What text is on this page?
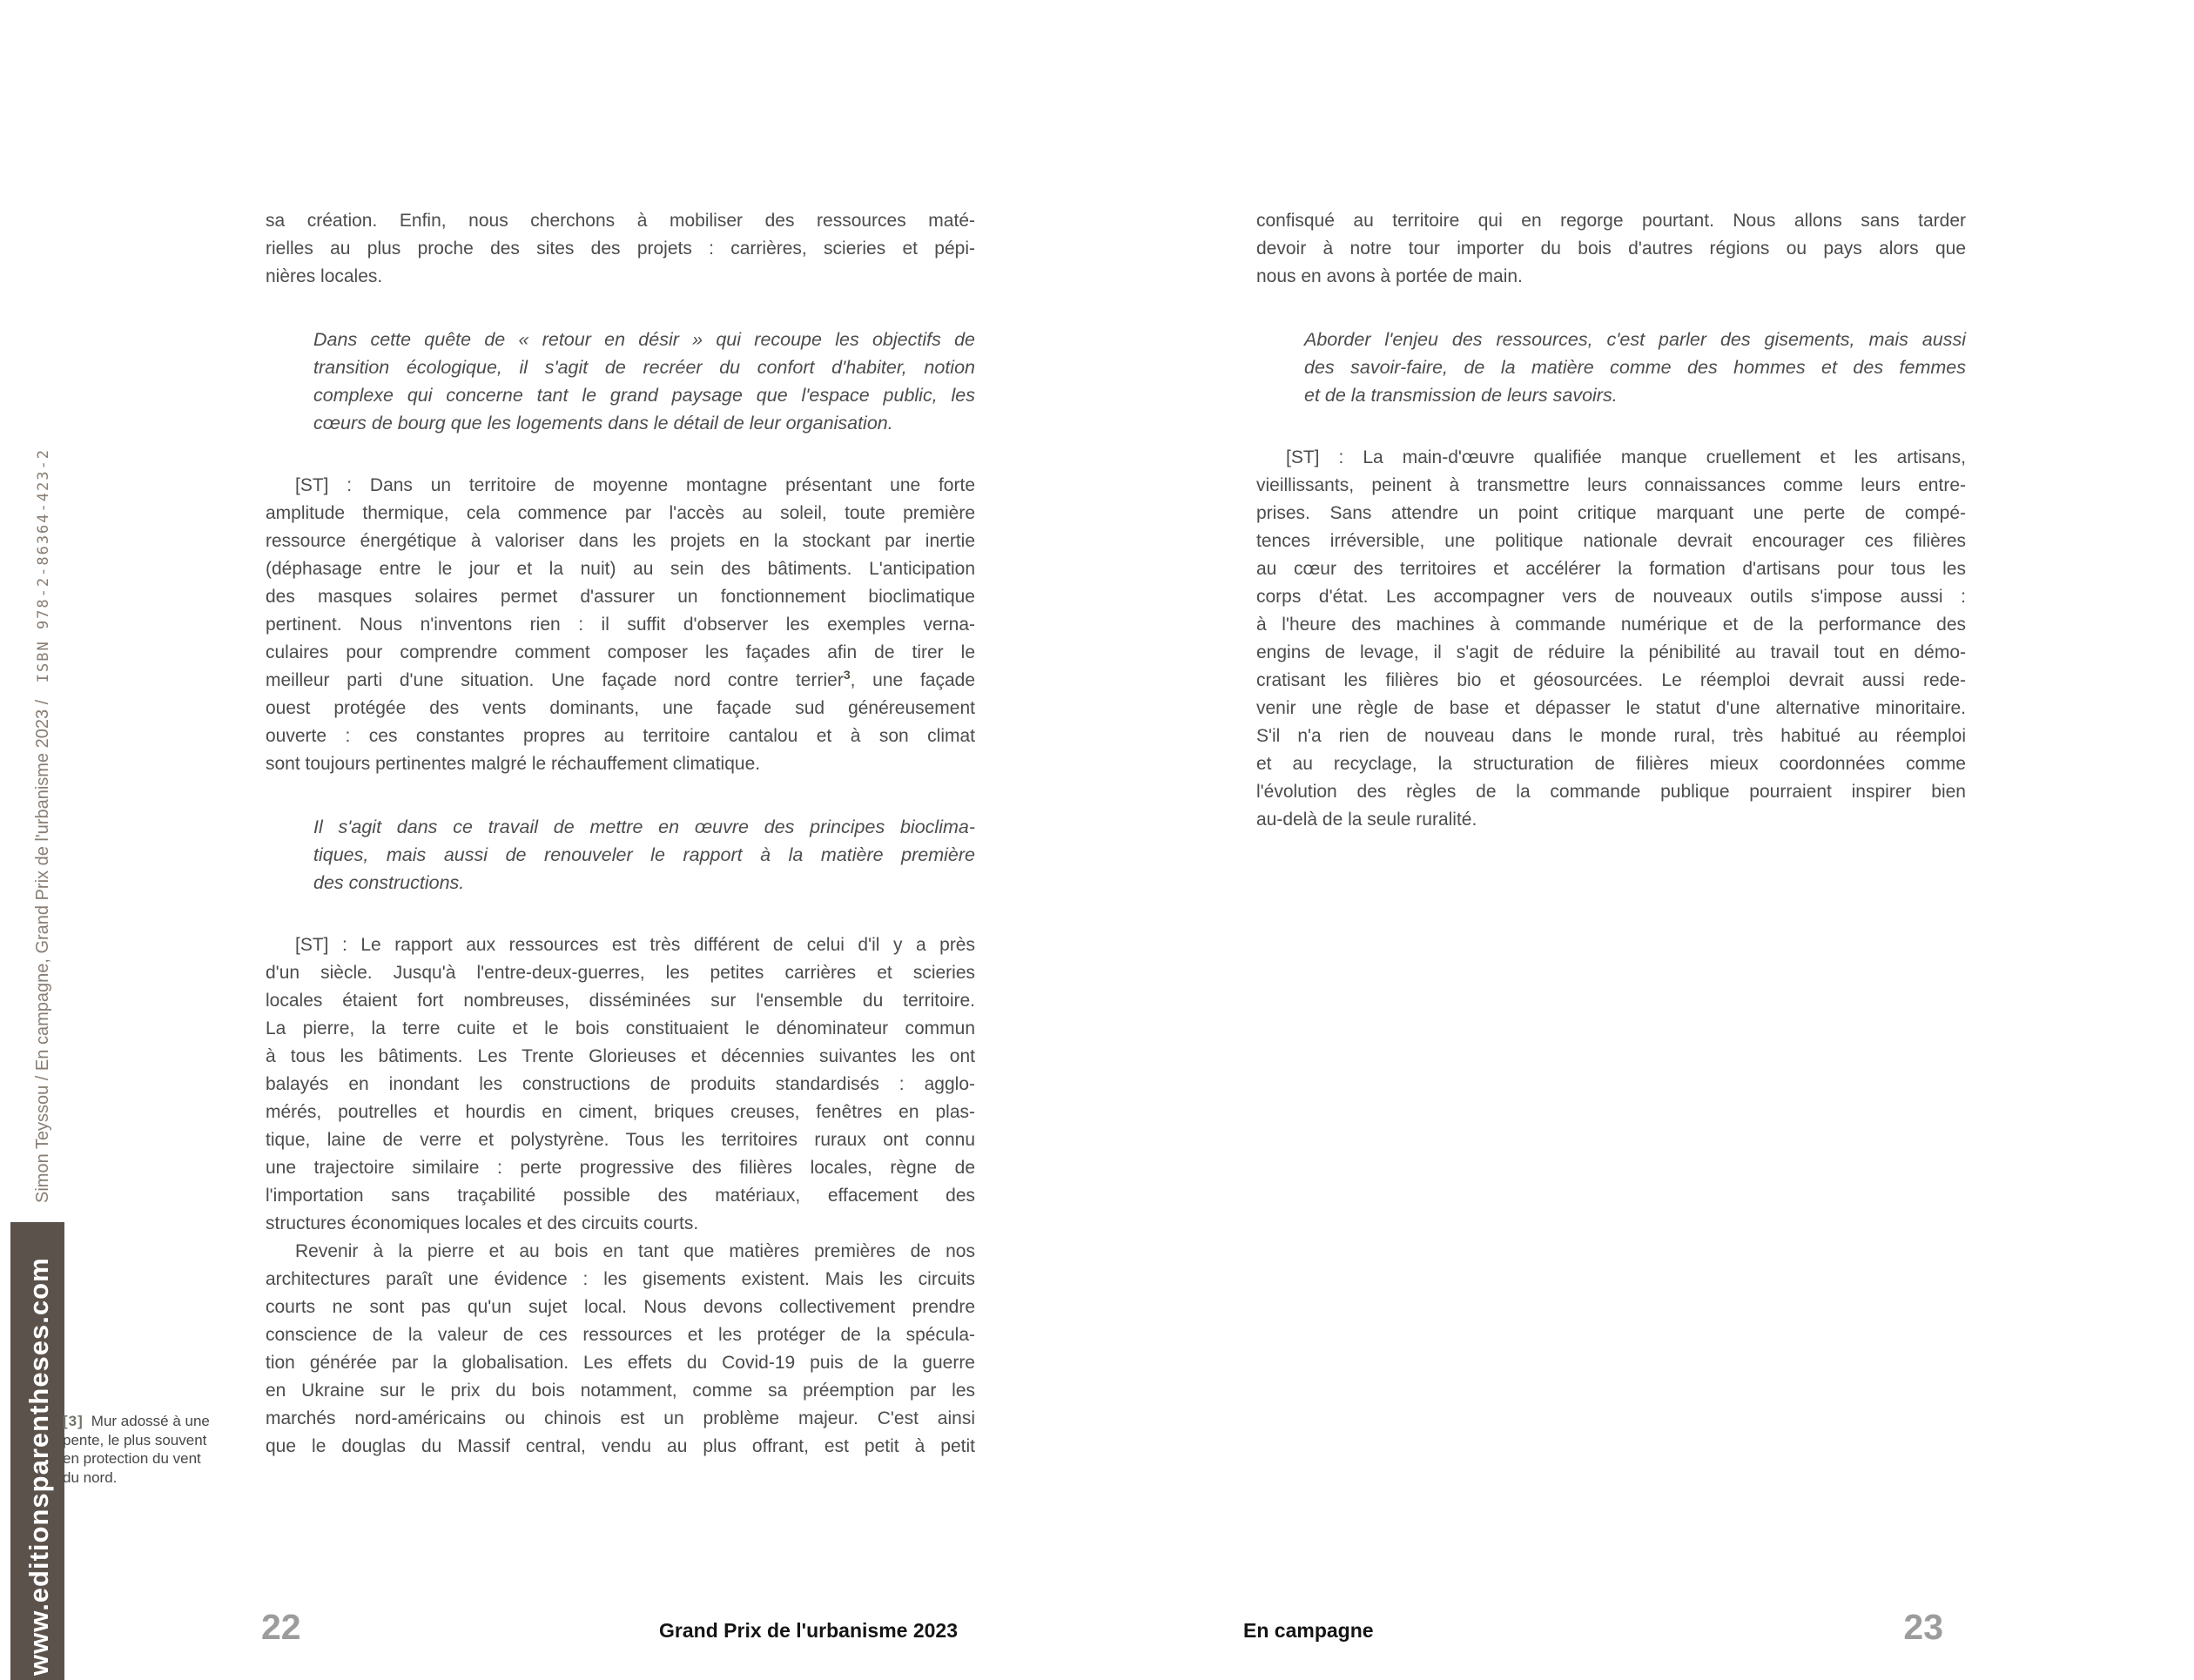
Simon Teyssou / En campagne, Grand Prix de l'urbanisme 2023 / ISBN 978-2-86364-423-2
www.editionsparentheses.com [3] Mur adossé à une
pente, le plus souvent
en protection du vent
du nord.
sa création. Enfin, nous cherchons à mobiliser des ressources maté-
rielles au plus proche des sites des projets : carrières, scieries et pépi-
nières locales.
Dans cette quête de « retour en désir » qui recoupe les objectifs de
transition écologique, il s'agit de recréer du confort d'habiter, notion
complexe qui concerne tant le grand paysage que l'espace public, les
cœurs de bourg que les logements dans le détail de leur organisation.
[ST] : Dans un territoire de moyenne montagne présentant une forte
amplitude thermique, cela commence par l'accès au soleil, toute première
ressource énergétique à valoriser dans les projets en la stockant par inertie
(déphasage entre le jour et la nuit) au sein des bâtiments. L'anticipation
des masques solaires permet d'assurer un fonctionnement bioclimatique
pertinent. Nous n'inventons rien : il suffit d'observer les exemples verna-
culaires pour comprendre comment composer les façades afin de tirer le
meilleur parti d'une situation. Une façade nord contre terrier$^3$, une façade
ouest protégée des vents dominants, une façade sud généreusement
ouverte : ces constantes propres au territoire cantalou et à son climat
sont toujours pertinentes malgré le réchauffement climatique.
Il s'agit dans ce travail de mettre en œuvre des principes bioclima-
tiques, mais aussi de renouveler le rapport à la matière première
des constructions.
[ST] : Le rapport aux ressources est très différent de celui d'il y a près
d'un siècle. Jusqu'à l'entre-deux-guerres, les petites carrières et scieries
locales étaient fort nombreuses, disséminées sur l'ensemble du territoire.
La pierre, la terre cuite et le bois constituaient le dénominateur commun
à tous les bâtiments. Les Trente Glorieuses et décennies suivantes les ont
balayés en inondant les constructions de produits standardisés : agglo-
mérés, poutrelles et hourdis en ciment, briques creuses, fenêtres en plas-
tique, laine de verre et polystyrène. Tous les territoires ruraux ont connu
une trajectoire similaire : perte progressive des filières locales, règne de
l'importation sans traçabilité possible des matériaux, effacement des
structures économiques locales et des circuits courts.
Revenir à la pierre et au bois en tant que matières premières de nos
architectures paraît une évidence : les gisements existent. Mais les circuits
courts ne sont pas qu'un sujet local. Nous devons collectivement prendre
conscience de la valeur de ces ressources et les protéger de la spécula-
tion générée par la globalisation. Les effets du Covid-19 puis de la guerre
en Ukraine sur le prix du bois notamment, comme sa préemption par les
marchés nord-américains ou chinois est un problème majeur. C'est ainsi
que le douglas du Massif central, vendu au plus offrant, est petit à petit
confisqué au territoire qui en regorge pourtant. Nous allons sans tarder
devoir à notre tour importer du bois d'autres régions ou pays alors que
nous en avons à portée de main.
Aborder l'enjeu des ressources, c'est parler des gisements, mais aussi
des savoir-faire, de la matière comme des hommes et des femmes
et de la transmission de leurs savoirs.
[ST] : La main-d'œuvre qualifiée manque cruellement et les artisans,
vieillissants, peinent à transmettre leurs connaissances comme leurs entre-
prises. Sans attendre un point critique marquant une perte de compé-
tences irréversible, une politique nationale devrait encourager ces filières
au cœur des territoires et accélérer la formation d'artisans pour tous les
corps d'état. Les accompagner vers de nouveaux outils s'impose aussi :
à l'heure des machines à commande numérique et de la performance des
engins de levage, il s'agit de réduire la pénibilité au travail tout en démo-
cratisant les filières bio et géosourcées. Le réemploi devrait aussi rede-
venir une règle de base et dépasser le statut d'une alternative minoritaire.
S'il n'a rien de nouveau dans le monde rural, très habitué au réemploi
et au recyclage, la structuration de filières mieux coordonnées comme
l'évolution des règles de la commande publique pourraient inspirer bien
au-delà de la seule ruralité.
22	Grand Prix de l'urbanisme 2023	En campagne	23
